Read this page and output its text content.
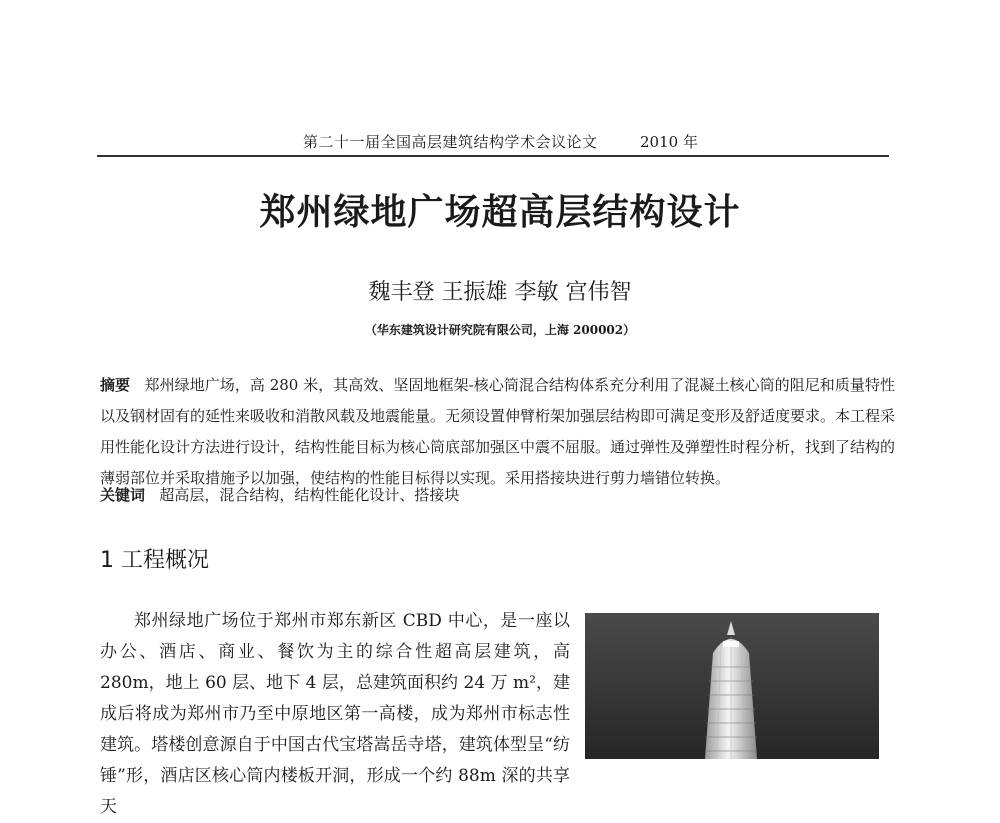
第二十一届全国高层建筑结构学术会议论文	2010 年
郑州绿地广场超高层结构设计
魏丰登 王振雄 李敏 宫伟智
（华东建筑设计研究院有限公司，上海 200002）

摘要 郑州绿地广场，高 280 米，其高效、坚固地框架-核心筒混合结构体系充分利用了混凝土核心筒的阻尼和质量特性以及钢材固有的延性来吸收和消散风载及地震能量。无须设置伸臂桁架加强层结构即可满足变形及舒适度要求。本工程采用性能化设计方法进行设计，结构性能目标为核心筒底部加强区中震不屈服。通过弹性及弹塑性时程分析，找到了结构的薄弱部位并采取措施予以加强，使结构的性能目标得以实现。采用搭接块进行剪力墙错位转换。

关键词 超高层，混合结构，结构性能化设计、搭接块

1 工程概况

郑州绿地广场位于郑州市郑东新区 CBD 中心，是一座以办公、酒店、商业、餐饮为主的综合性超高层建筑，高 280m，地上 60 层、地下 4 层，总建筑面积约 24 万 m²，建成后将成为郑州市乃至中原地区第一高楼，成为郑州市标志性建筑。塔楼创意源自于中国古代宝塔嵩岳寺塔，建筑体型呈“纺锤”形，酒店区核心筒内楼板开洞，形成一个约 88m 深的共享天
